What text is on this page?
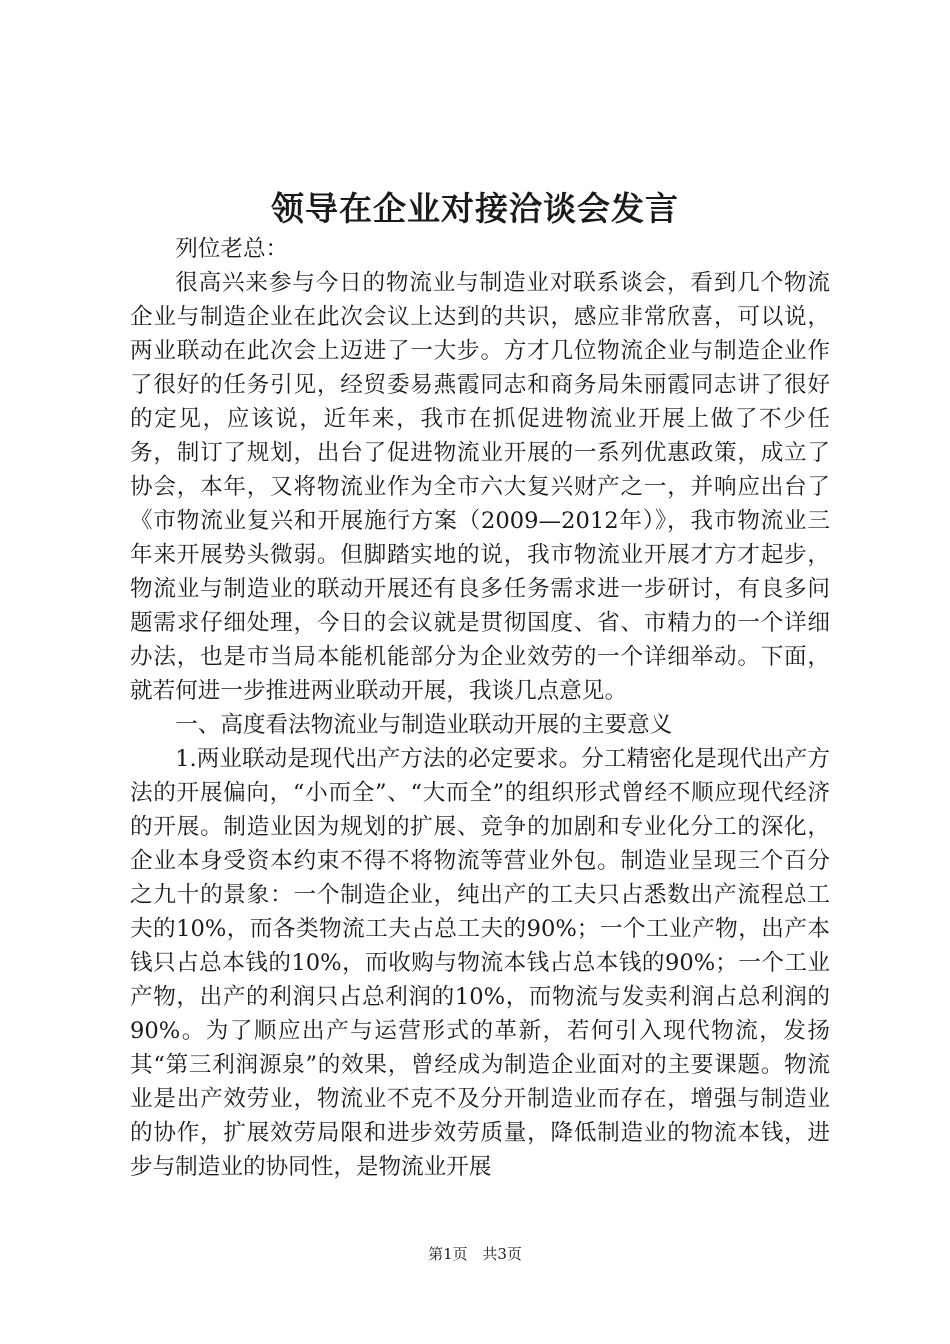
领导在企业对接洽谈会发言

列位老总：

很高兴来参与今日的物流业与制造业对联系谈会，看到几个物流企业与制造企业在此次会议上达到的共识，感应非常欣喜，可以说，两业联动在此次会上迈进了一大步。方才几位物流企业与制造企业作了很好的任务引见，经贸委易燕霞同志和商务局朱丽霞同志讲了很好的定见，应该说，近年来，我市在抓促进物流业开展上做了不少任务，制订了规划，出台了促进物流业开展的一系列优惠政策，成立了协会，本年，又将物流业作为全市六大复兴财产之一，并响应出台了《市物流业复兴和开展施行方案（2009—2012年）》，我市物流业三年来开展势头微弱。但脚踏实地的说，我市物流业开展才方才起步，物流业与制造业的联动开展还有良多任务需求进一步研讨，有良多问题需求仔细处理，今日的会议就是贯彻国度、省、市精力的一个详细办法，也是市当局本能机能部分为企业效劳的一个详细举动。下面，就若何进一步推进两业联动开展，我谈几点意见。

一、高度看法物流业与制造业联动开展的主要意义

1.两业联动是现代出产方法的必定要求。分工精密化是现代出产方法的开展偏向，“小而全”、“大而全”的组织形式曾经不顺应现代经济的开展。制造业因为规划的扩展、竞争的加剧和专业化分工的深化，企业本身受资本约束不得不将物流等营业外包。制造业呈现三个百分之九十的景象：一个制造企业，纯出产的工夫只占悉数出产流程总工夫的10%，而各类物流工夫占总工夫的90%；一个工业产物，出产本钱只占总本钱的10%，而收购与物流本钱占总本钱的90%；一个工业产物，出产的利润只占总利润的10%，而物流与发卖利润占总利润的90%。为了顺应出产与运营形式的革新，若何引入现代物流，发扬其“第三利润源泉”的效果，曾经成为制造企业面对的主要课题。物流业是出产效劳业，物流业不克不及分开制造业而存在，增强与制造业的协作，扩展效劳局限和进步效劳质量，降低制造业的物流本钱，进步与制造业的协同性，是物流业开展

第1页 共3页
